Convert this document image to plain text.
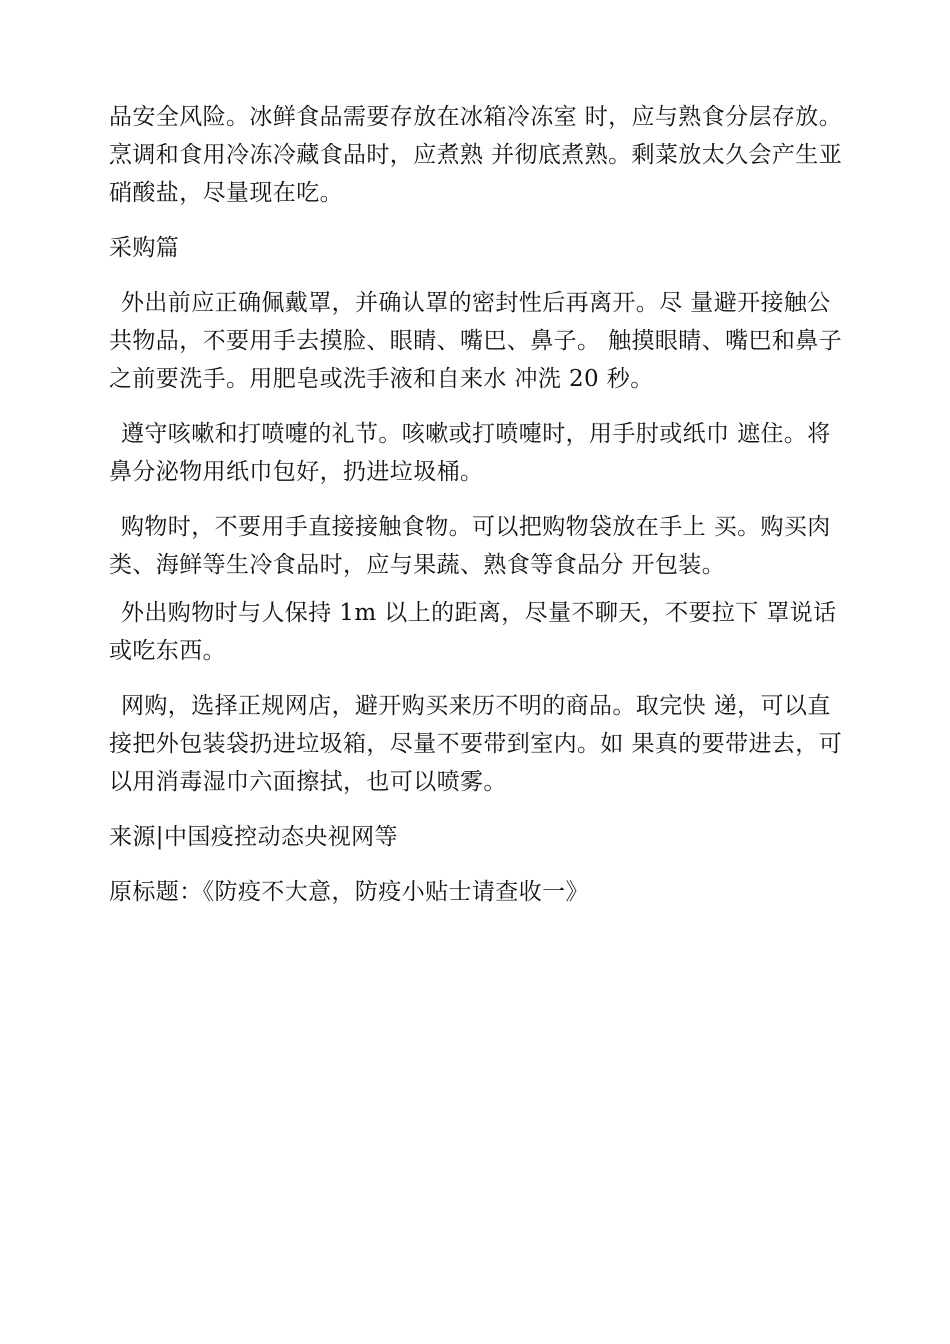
品安全风险。冰鲜食品需要存放在冰箱冷冻室 时，应与熟食分层存放。烹调和食用冷冻冷藏食品时，应煮熟 并彻底煮熟。剩菜放太久会产生亚硝酸盐，尽量现在吃。

采购篇

外出前应正确佩戴罩，并确认罩的密封性后再离开。尽 量避开接触公共物品，不要用手去摸脸、眼睛、嘴巴、鼻子。 触摸眼睛、嘴巴和鼻子之前要洗手。用肥皂或洗手液和自来水 冲洗 20 秒。

遵守咳嗽和打喷嚏的礼节。咳嗽或打喷嚏时，用手肘或纸巾 遮住。将鼻分泌物用纸巾包好，扔进垃圾桶。

购物时，不要用手直接接触食物。可以把购物袋放在手上 买。购买肉类、海鲜等生冷食品时，应与果蔬、熟食等食品分 开包装。

外出购物时与人保持 1m 以上的距离，尽量不聊天，不要拉下 罩说话或吃东西。

网购，选择正规网店，避开购买来历不明的商品。取完快 递，可以直接把外包装袋扔进垃圾箱，尽量不要带到室内。如 果真的要带进去，可以用消毒湿巾六面擦拭，也可以喷雾。

来源|中国疫控动态央视网等

原标题：《防疫不大意，防疫小贴士请查收一》
